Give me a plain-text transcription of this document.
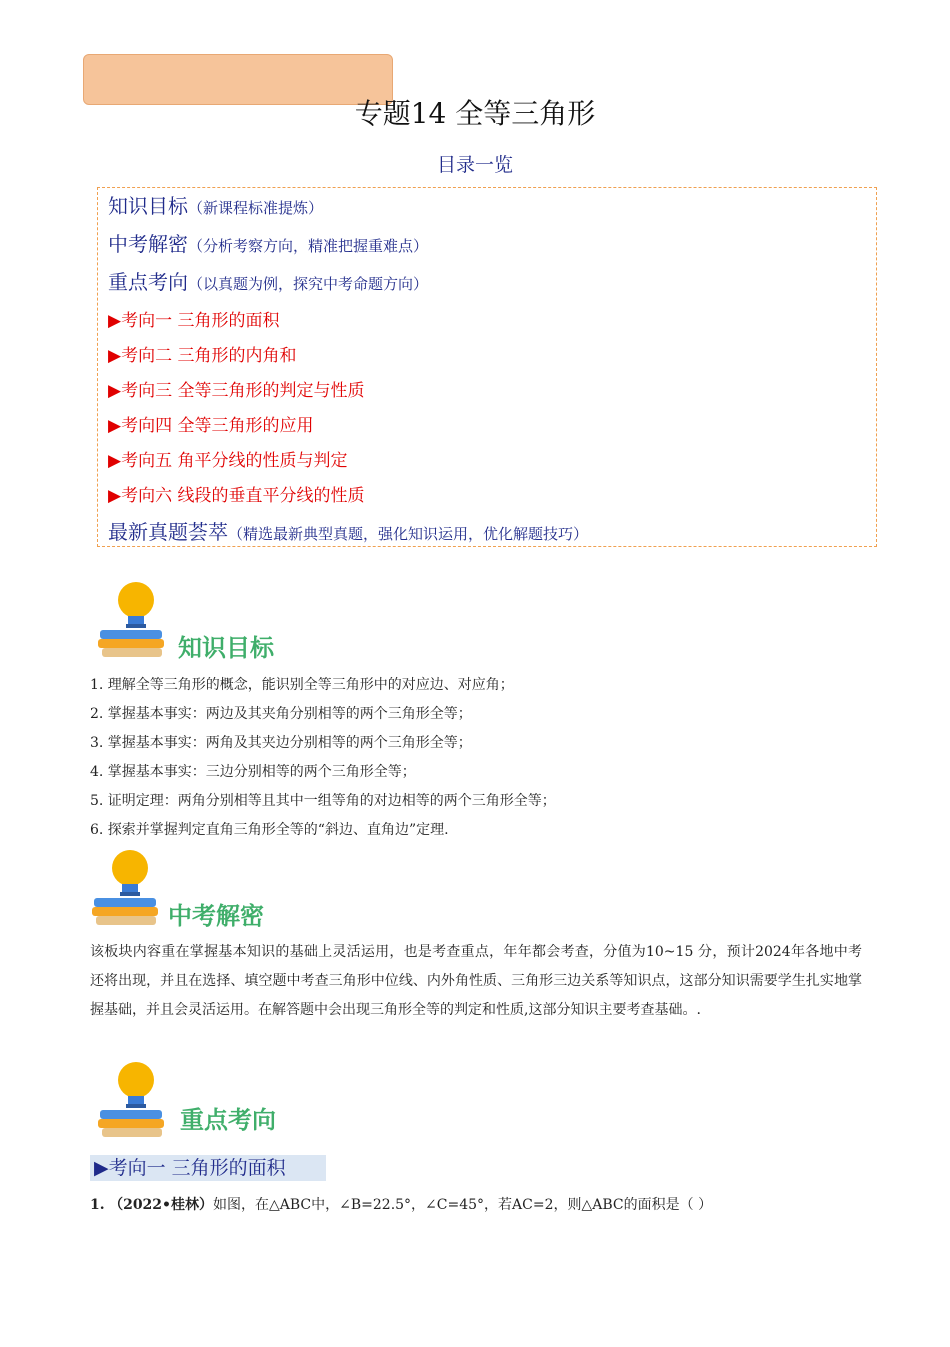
专题14 全等三角形
目录一览
知识目标（新课程标准提炼）
中考解密（分析考察方向，精准把握重难点）
重点考向（以真题为例，探究中考命题方向）
▶考向一 三角形的面积
▶考向二 三角形的内角和
▶考向三 全等三角形的判定与性质
▶考向四 全等三角形的应用
▶考向五 角平分线的性质与判定
▶考向六 线段的垂直平分线的性质
最新真题荟萃（精选最新典型真题，强化知识运用，优化解题技巧）
知识目标
1. 理解全等三角形的概念，能识别全等三角形中的对应边、对应角；
2. 掌握基本事实：两边及其夹角分别相等的两个三角形全等；
3. 掌握基本事实：两角及其夹边分别相等的两个三角形全等；
4. 掌握基本事实：三边分别相等的两个三角形全等；
5. 证明定理：两角分别相等且其中一组等角的对边相等的两个三角形全等；
6. 探索并掌握判定直角三角形全等的“斜边、直角边”定理.
中考解密
该板块内容重在掌握基本知识的基础上灵活运用，也是考查重点，年年都会考查，分值为10~15 分，预计2024年各地中考还将出现，并且在选择、填空题中考查三角形中位线、内外角性质、三角形三边关系等知识点，这部分知识需要学生扎实地掌握基础，并且会灵活运用。在解答题中会出现三角形全等的判定和性质,这部分知识主要考查基础。.
重点考向
▶考向一 三角形的面积
1. （2022•桂林）如图，在△ABC中，∠B=22.5°，∠C=45°，若AC=2，则△ABC的面积是（ ）
